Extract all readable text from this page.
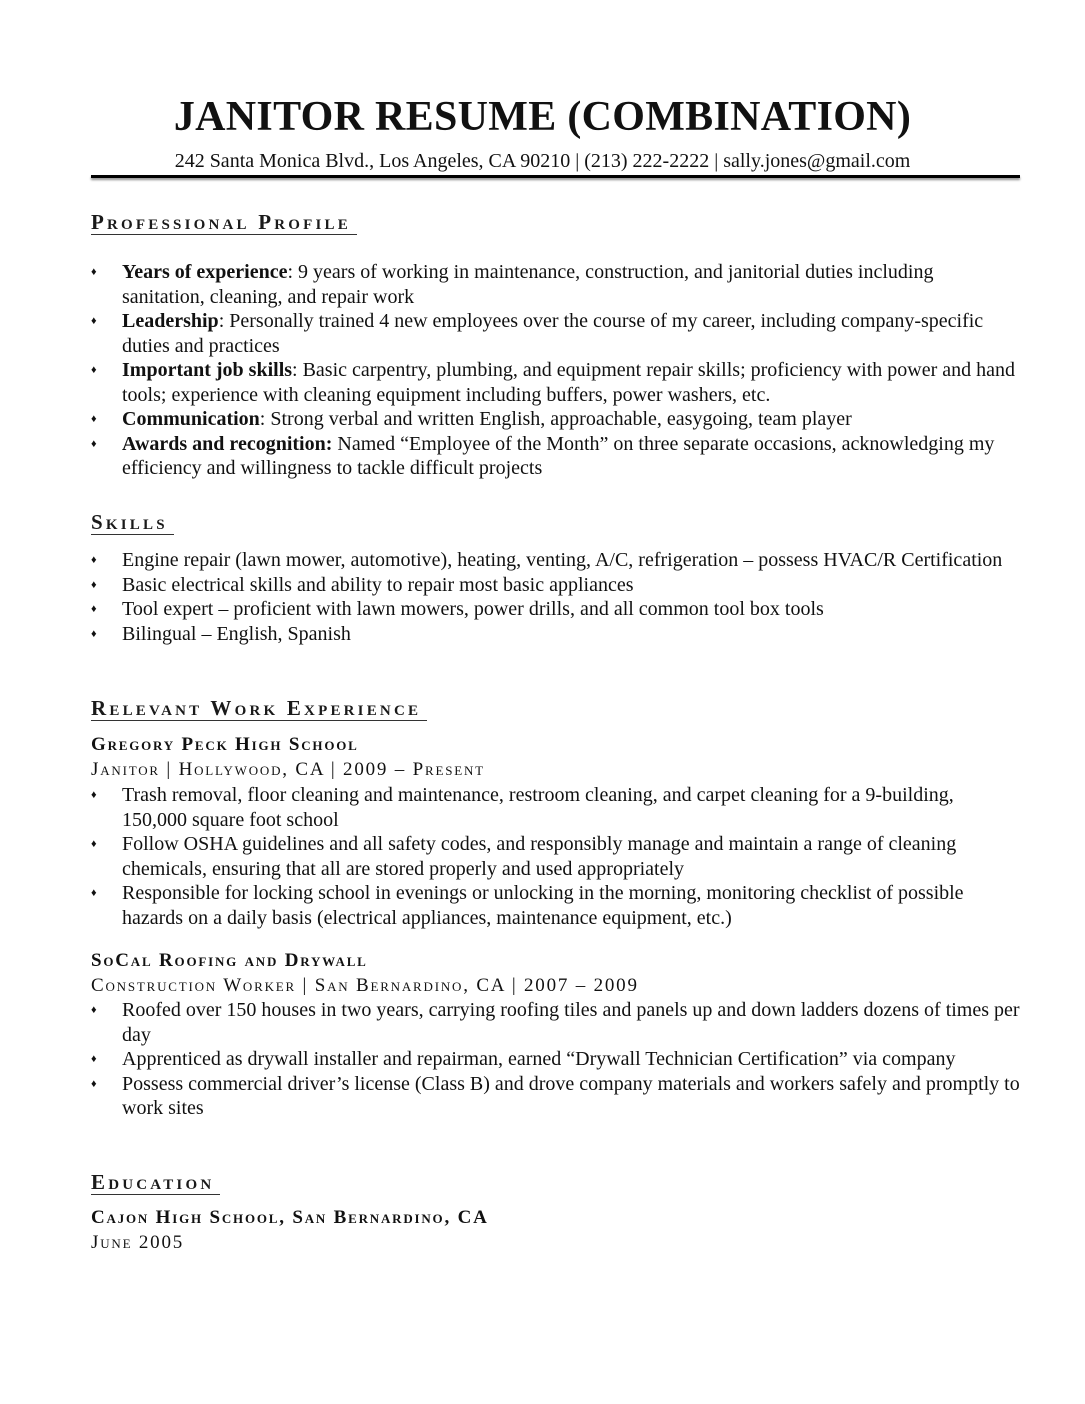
JANITOR RESUME (COMBINATION)

242 Santa Monica Blvd., Los Angeles, CA 90210 | (213) 222-2222 | sally.jones@gmail.com

Professional Profile
♦ Years of experience: 9 years of working in maintenance, construction, and janitorial duties including sanitation, cleaning, and repair work
♦ Leadership: Personally trained 4 new employees over the course of my career, including company-specific duties and practices
♦ Important job skills: Basic carpentry, plumbing, and equipment repair skills; proficiency with power and hand tools; experience with cleaning equipment including buffers, power washers, etc.
♦ Communication: Strong verbal and written English, approachable, easygoing, team player
♦ Awards and recognition: Named “Employee of the Month” on three separate occasions, acknowledging my efficiency and willingness to tackle difficult projects
Skills
♦ Engine repair (lawn mower, automotive), heating, venting, A/C, refrigeration – possess HVAC/R Certification
♦ Basic electrical skills and ability to repair most basic appliances
♦ Tool expert – proficient with lawn mowers, power drills, and all common tool box tools
♦ Bilingual – English, Spanish
Relevant Work Experience
Gregory Peck High School

Janitor | Hollywood, CA | 2009 – Present

♦ Trash removal, floor cleaning and maintenance, restroom cleaning, and carpet cleaning for a 9-building, 150,000 square foot school
♦ Follow OSHA guidelines and all safety codes, and responsibly manage and maintain a range of cleaning chemicals, ensuring that all are stored properly and used appropriately
♦ Responsible for locking school in evenings or unlocking in the morning, monitoring checklist of possible hazards on a daily basis (electrical appliances, maintenance equipment, etc.)
SoCal Roofing and Drywall

Construction Worker | San Bernardino, CA | 2007 – 2009

♦ Roofed over 150 houses in two years, carrying roofing tiles and panels up and down ladders dozens of times per day
♦ Apprenticed as drywall installer and repairman, earned “Drywall Technician Certification” via company
♦ Possess commercial driver’s license (Class B) and drove company materials and workers safely and promptly to work sites
Education
Cajon High School, San Bernardino, CA

June 2005
